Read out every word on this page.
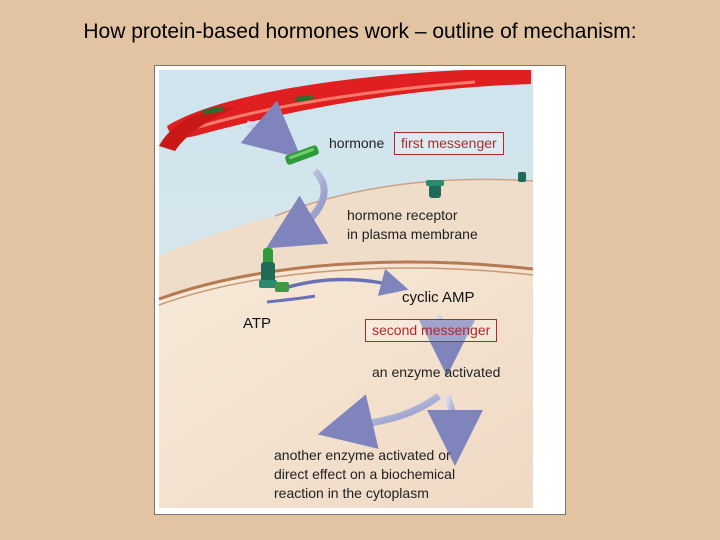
How protein-based hormones work – outline of mechanism:
hormone	first messenger
hormone receptor
in plasma membrane
cyclic AMP
ATP	second messenger
an enzyme activated
another enzyme activated or
direct effect on a biochemical
reaction in the cytoplasm
